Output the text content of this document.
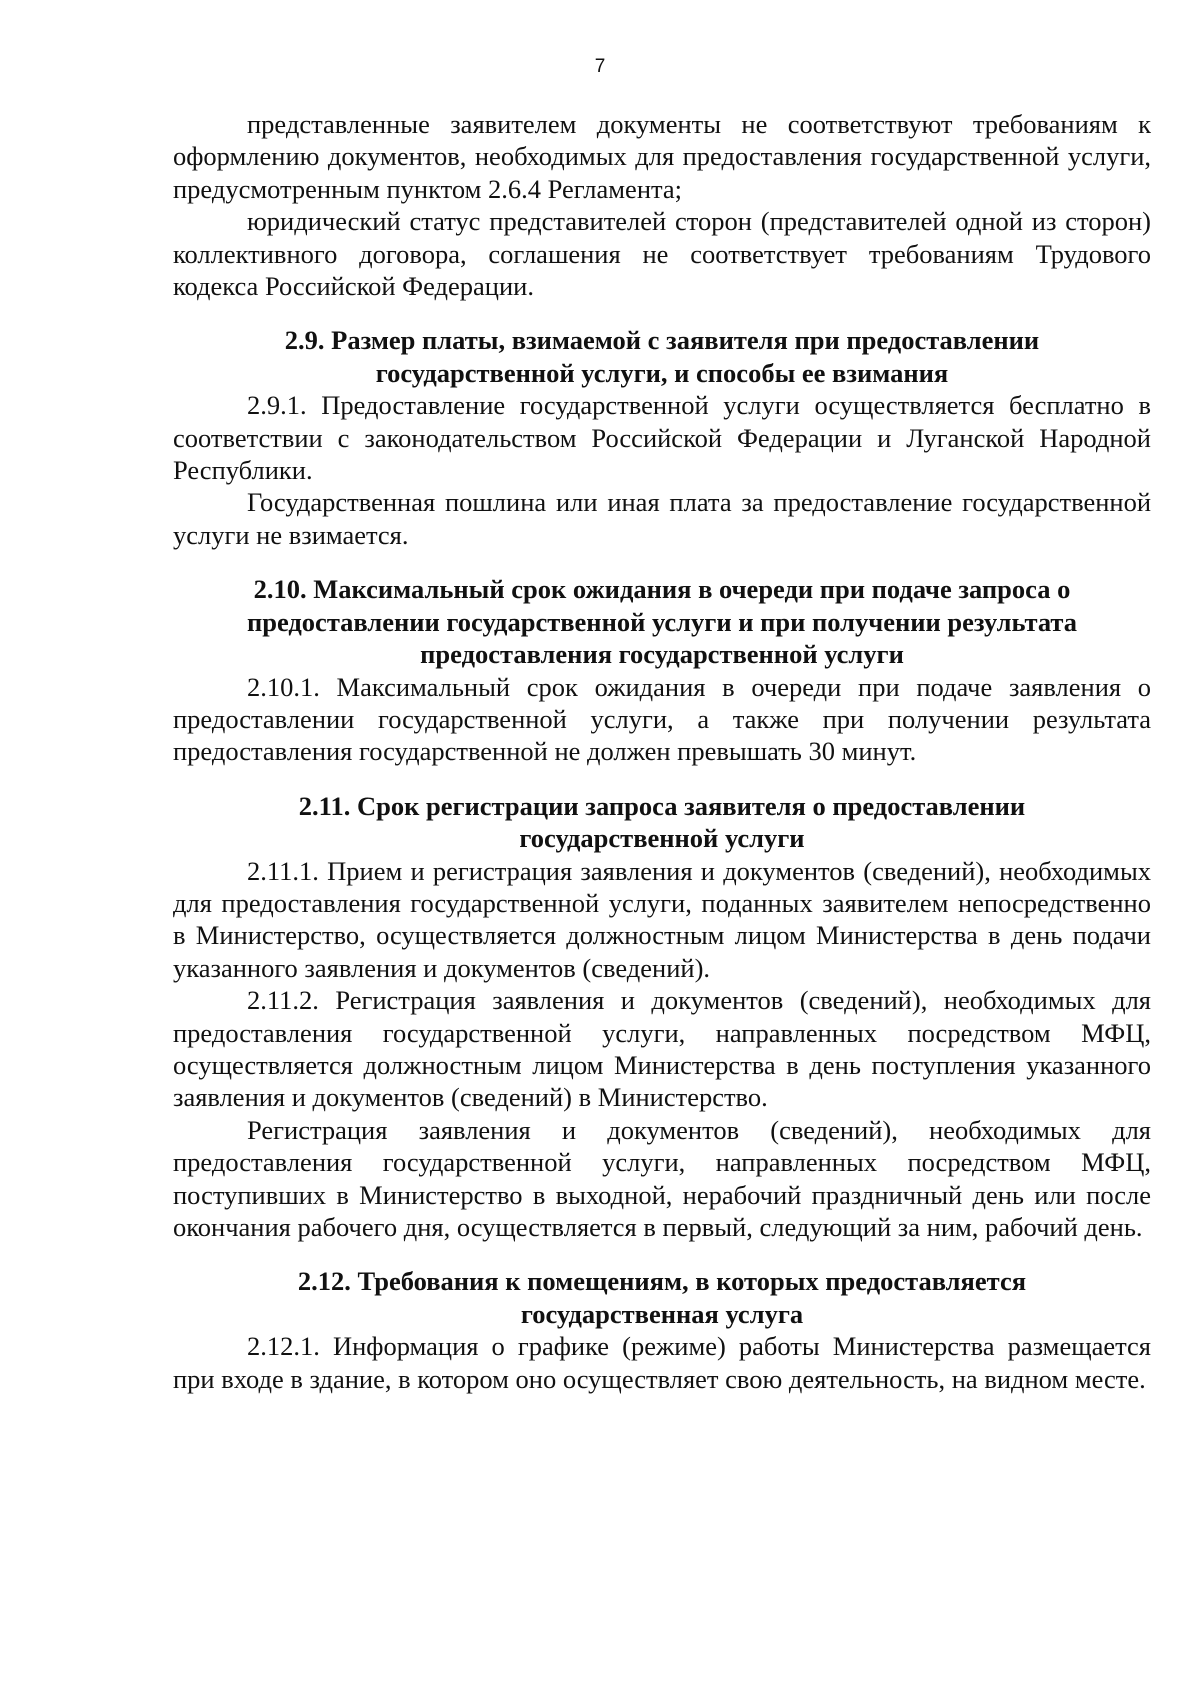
7

представленные заявителем документы не соответствуют требованиям к оформлению документов, необходимых для предоставления государственной услуги, предусмотренным пунктом 2.6.4 Регламента;

юридический статус представителей сторон (представителей одной из сторон) коллективного договора, соглашения не соответствует требованиям Трудового кодекса Российской Федерации.

2.9. Размер платы, взимаемой с заявителя при предоставлении государственной услуги, и способы ее взимания

2.9.1. Предоставление государственной услуги осуществляется бесплатно в соответствии с законодательством Российской Федерации и Луганской Народной Республики.

Государственная пошлина или иная плата за предоставление государственной услуги не взимается.

2.10. Максимальный срок ожидания в очереди при подаче запроса о предоставлении государственной услуги и при получении результата предоставления государственной услуги

2.10.1. Максимальный срок ожидания в очереди при подаче заявления о предоставлении государственной услуги, а также при получении результата предоставления государственной не должен превышать 30 минут.

2.11. Срок регистрации запроса заявителя о предоставлении государственной услуги

2.11.1. Прием и регистрация заявления и документов (сведений), необходимых для предоставления государственной услуги, поданных заявителем непосредственно в Министерство, осуществляется должностным лицом Министерства в день подачи указанного заявления и документов (сведений).

2.11.2. Регистрация заявления и документов (сведений), необходимых для предоставления государственной услуги, направленных посредством МФЦ, осуществляется должностным лицом Министерства в день поступления указанного заявления и документов (сведений) в Министерство.

Регистрация заявления и документов (сведений), необходимых для предоставления государственной услуги, направленных посредством МФЦ, поступивших в Министерство в выходной, нерабочий праздничный день или после окончания рабочего дня, осуществляется в первый, следующий за ним, рабочий день.

2.12. Требования к помещениям, в которых предоставляется государственная услуга

2.12.1. Информация о графике (режиме) работы Министерства размещается при входе в здание, в котором оно осуществляет свою деятельность, на видном месте.
